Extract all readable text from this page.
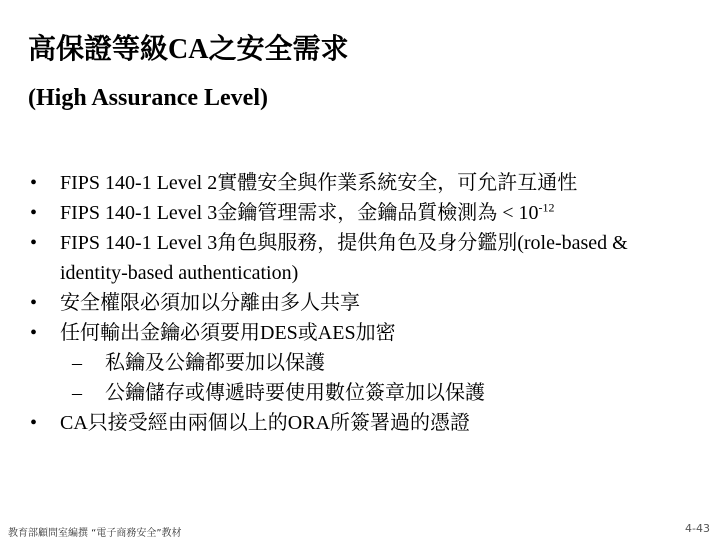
高保證等級CA之安全需求
(High Assurance Level)
• FIPS 140-1 Level 2實體安全與作業系統安全，可允許互通性
• FIPS 140-1 Level 3金鑰管理需求，金鑰品質檢測為 < $10^{-12}$
• FIPS 140-1 Level 3角色與服務，提供角色及身分鑑別(role-based & identity-based authentication)
• 安全權限必須加以分離由多人共享
• 任何輸出金鑰必須要用DES或AES加密
– 私鑰及公鑰都要加以保護
– 公鑰儲存或傳遞時要使用數位簽章加以保護
• CA只接受經由兩個以上的ORA所簽署過的憑證
教育部顧問室編撰 “電子商務安全”教材	4-43
